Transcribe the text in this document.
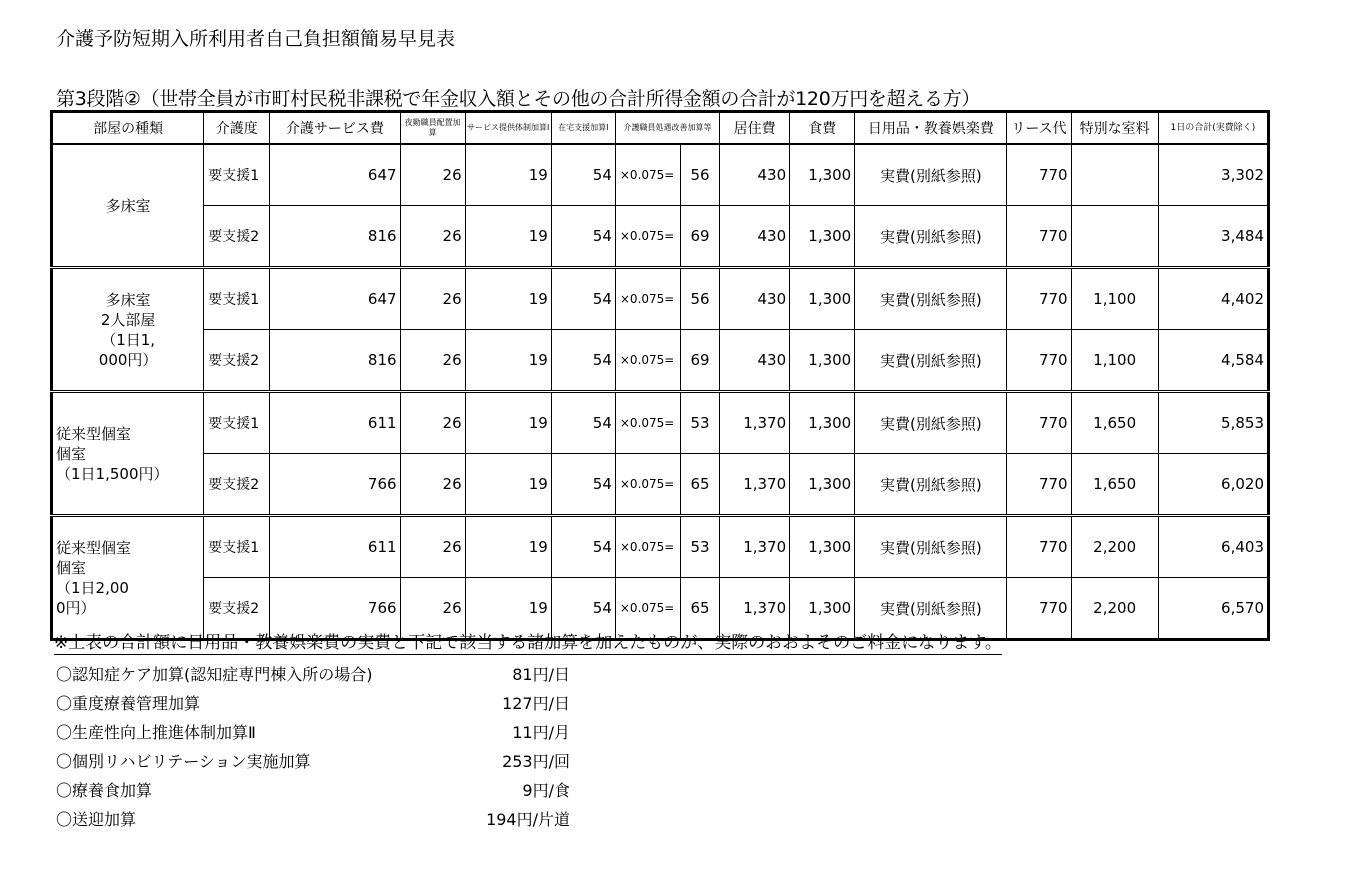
介護予防短期入所利用者自己負担額簡易早見表
第3段階②（世帯全員が市町村民税非課税で年金収入額とその他の合計所得金額の合計が120万円を超える方）
部屋の種類	介護度	介護サービス費	夜勤職員配置加算	サービス提供体制加算Ⅰ	在宅支援加算Ⅰ	介護職員処遇改善加算等		居住費	食費	日用品・教養娯楽費	リース代	特別な室料	1日の合計(実費除く)
多床室	要支援1	647	26	19	54	×0.075=	56	430	1,300	実費(別紙参照)	770		3,302
	要支援2	816	26	19	54	×0.075=	69	430	1,300	実費(別紙参照)	770		3,484
多床室
2人部屋
（1日1,
000円）	要支援1	647	26	19	54	×0.075=	56	430	1,300	実費(別紙参照)	770	1,100	4,402
	要支援2	816	26	19	54	×0.075=	69	430	1,300	実費(別紙参照)	770	1,100	4,584
従来型個室
個室
（1日1,500円）	要支援1	611	26	19	54	×0.075=	53	1,370	1,300	実費(別紙参照)	770	1,650	5,853
	要支援2	766	26	19	54	×0.075=	65	1,370	1,300	実費(別紙参照)	770	1,650	6,020
従来型個室
個室
（1日2,00
0円）	要支援1	611	26	19	54	×0.075=	53	1,370	1,300	実費(別紙参照)	770	2,200	6,403
	要支援2	766	26	19	54	×0.075=	65	1,370	1,300	実費(別紙参照)	770	2,200	6,570
※上表の合計額に日用品・教養娯楽費の実費と下記で該当する諸加算を加えたものが、実際のおおよそのご料金になります。
〇認知症ケア加算(認知症専門棟入所の場合)	81円/日
〇重度療養管理加算	127円/日
〇生産性向上推進体制加算Ⅱ	11円/月
〇個別リハビリテーション実施加算	253円/回
〇療養食加算	9円/食
〇送迎加算	194円/片道
